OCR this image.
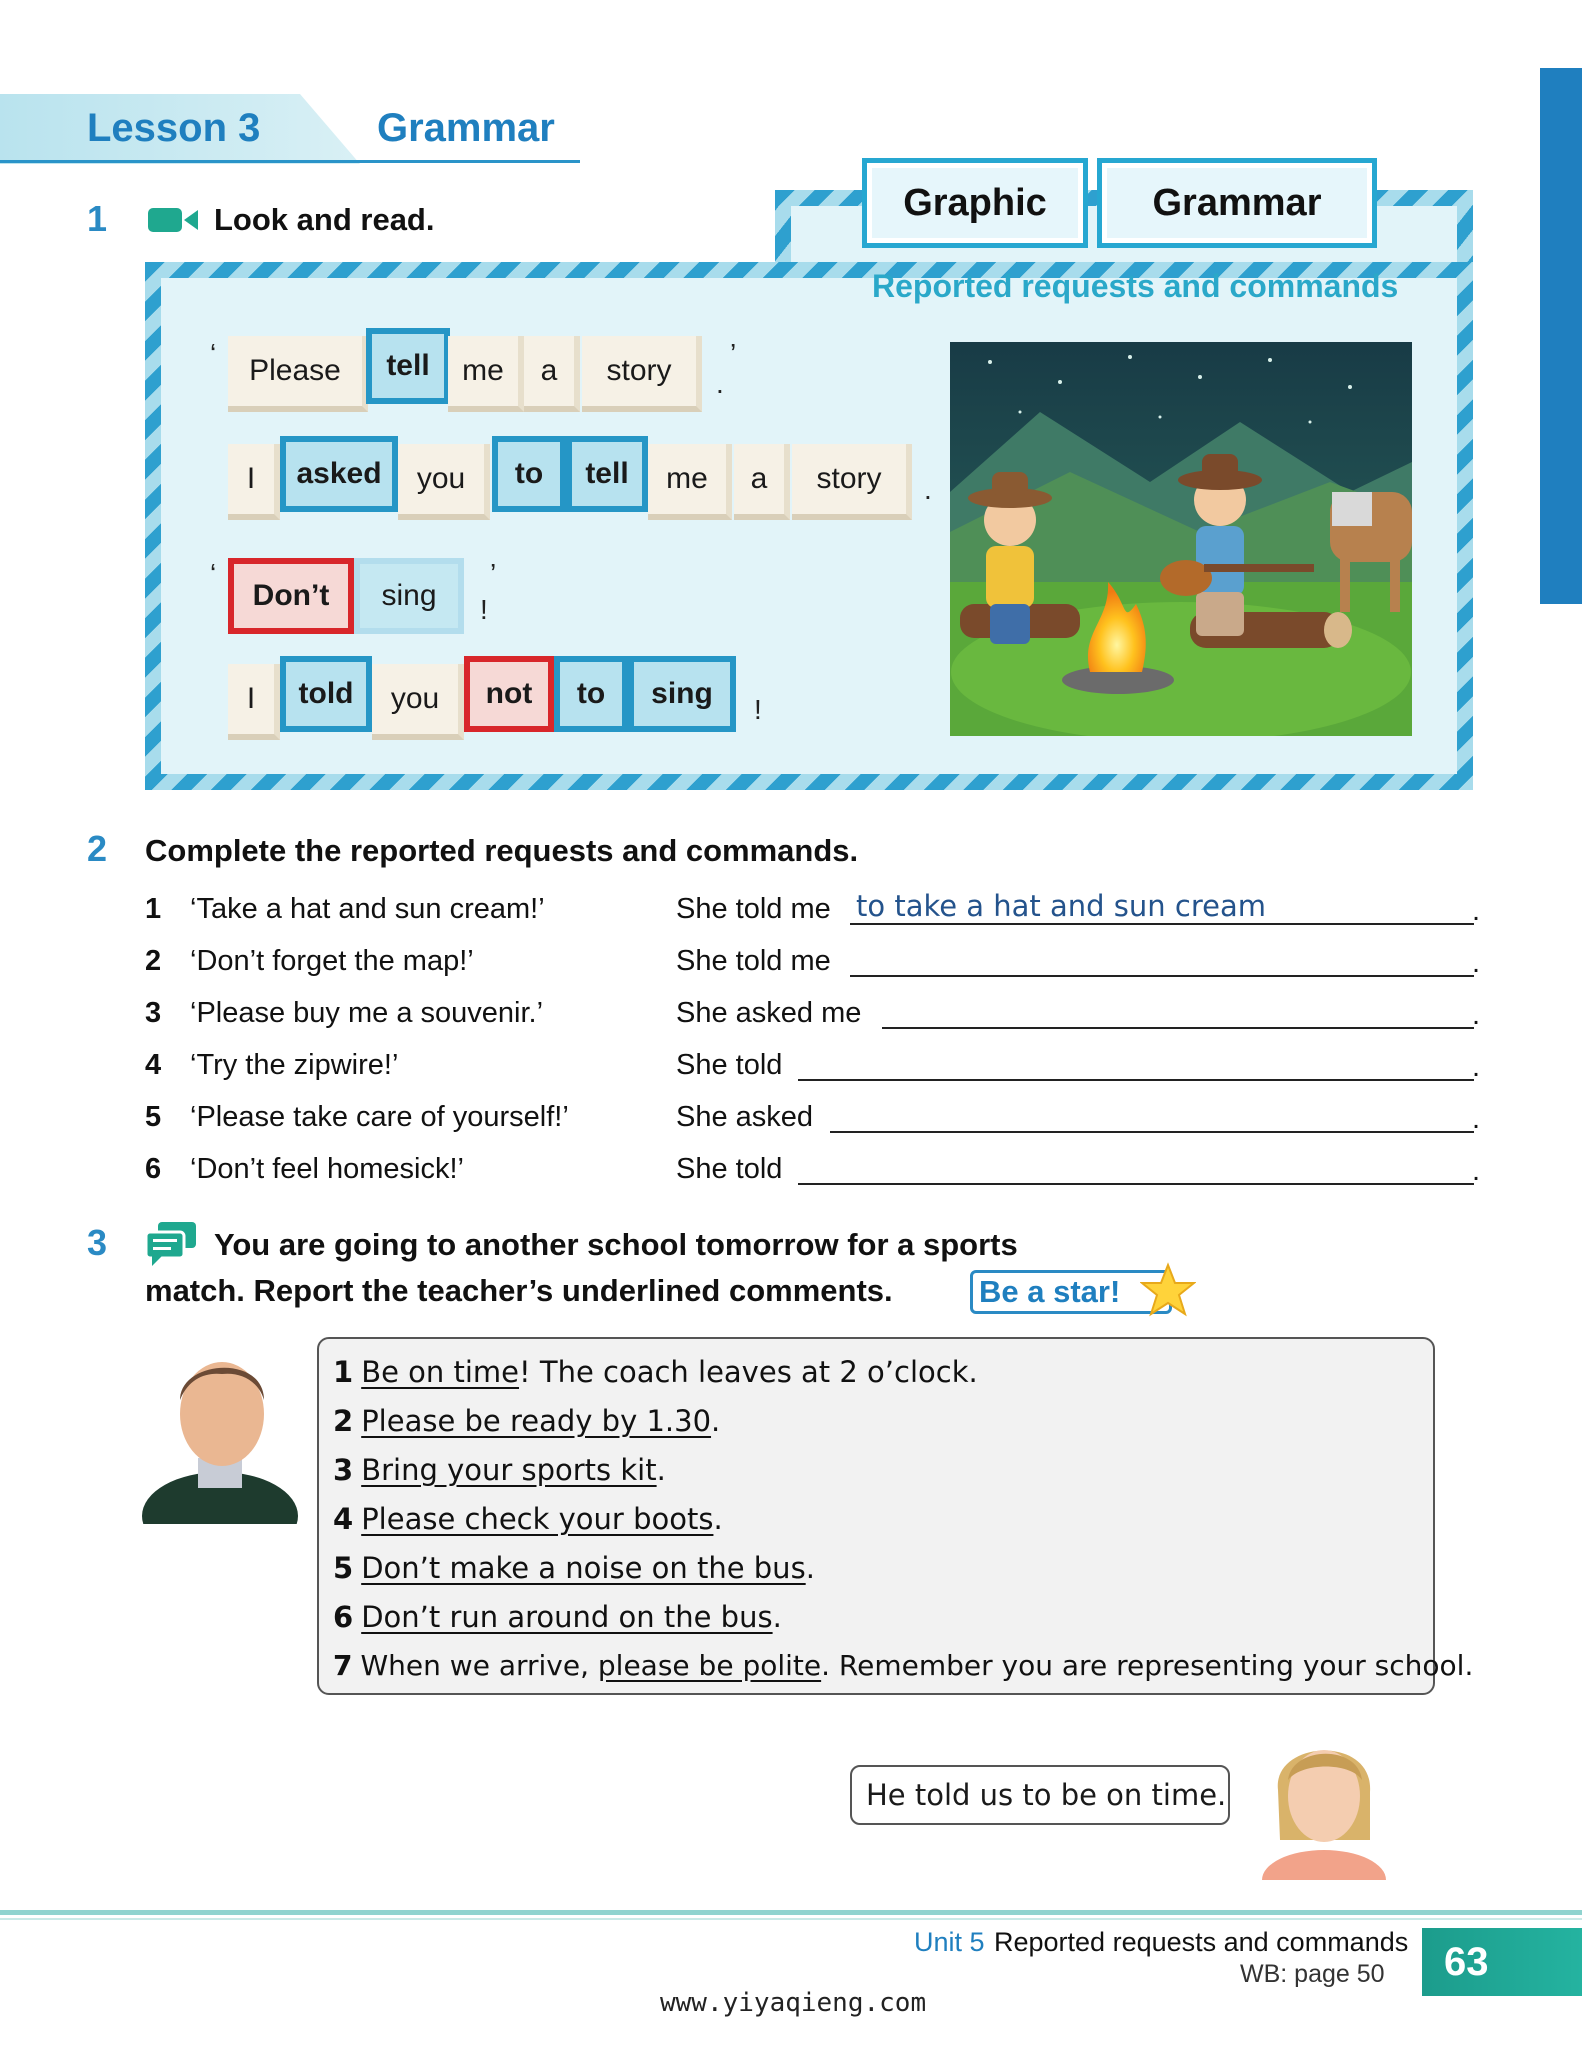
Lesson 3	Grammar
1	Look and read.	Graphic	Grammar
Reported requests and commands
‘
Please	tell	me	a	story	.
’
I	asked	you	to	tell	me	a	story	.
‘
Don’t	sing	!
’
I	told	you	not	to	sing	!
2 Complete the reported requests and commands.
1 ‘Take a hat and sun cream!’	She told me to take a hat and sun cream	.
2 ‘Don’t forget the map!’	She told me	.
3 ‘Please buy me a souvenir.’	She asked me	.
4 ‘Try the zipwire!’	She told	.
5 ‘Please take care of yourself!’	She asked	.
6 ‘Don’t feel homesick!’	She told	.
3	You are going to another school tomorrow for a sports
match. Report the teacher’s underlined comments.	Be a star!
1 Be on time! The coach leaves at 2 o’clock.
2 Please be ready by 1.30.
3 Bring your sports kit.
4 Please check your boots.
5 Don’t make a noise on the bus.
6 Don’t run around on the bus.
7 When we arrive, please be polite. Remember you are representing your school.
He told us to be on time.
Unit 5 Reported requests and commands
WB: page 50 63
www.yiyaqieng.com
